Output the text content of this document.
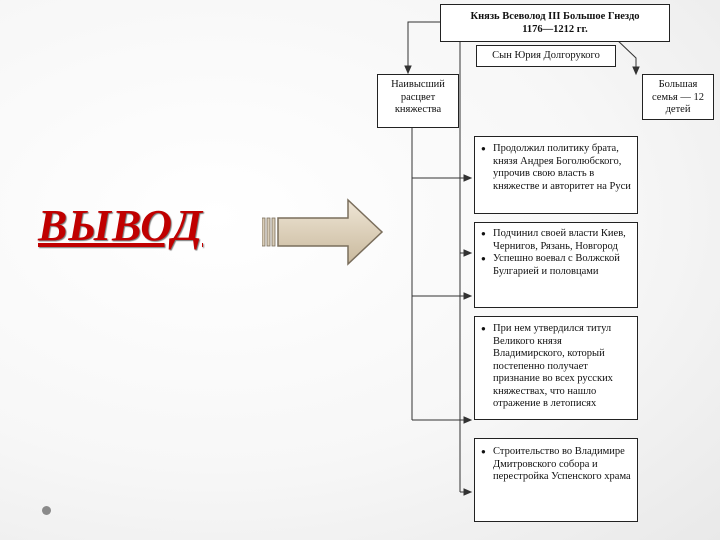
ВЫВОД
Князь Всеволод III Большое Гнездо
1176—1212 гг.
Сын Юрия Долгорукого
Наивысший расцвет княжества
Большая семья — 12 детей
● Продолжил политику брата, князя Андрея Боголюбского, упрочив свою власть в княжестве и авторитет на Руси
● Подчинил своей власти Киев, Чернигов, Рязань, Новгород
● Успешно воевал с Волжской Булгарией и половцами
● При нем утвердился титул Великого князя Владимирского, который постепенно получает признание во всех русских княжествах, что нашло отражение в летописях
● Строительство во Владимире Дмитровского собора и перестройка Успенского храма
